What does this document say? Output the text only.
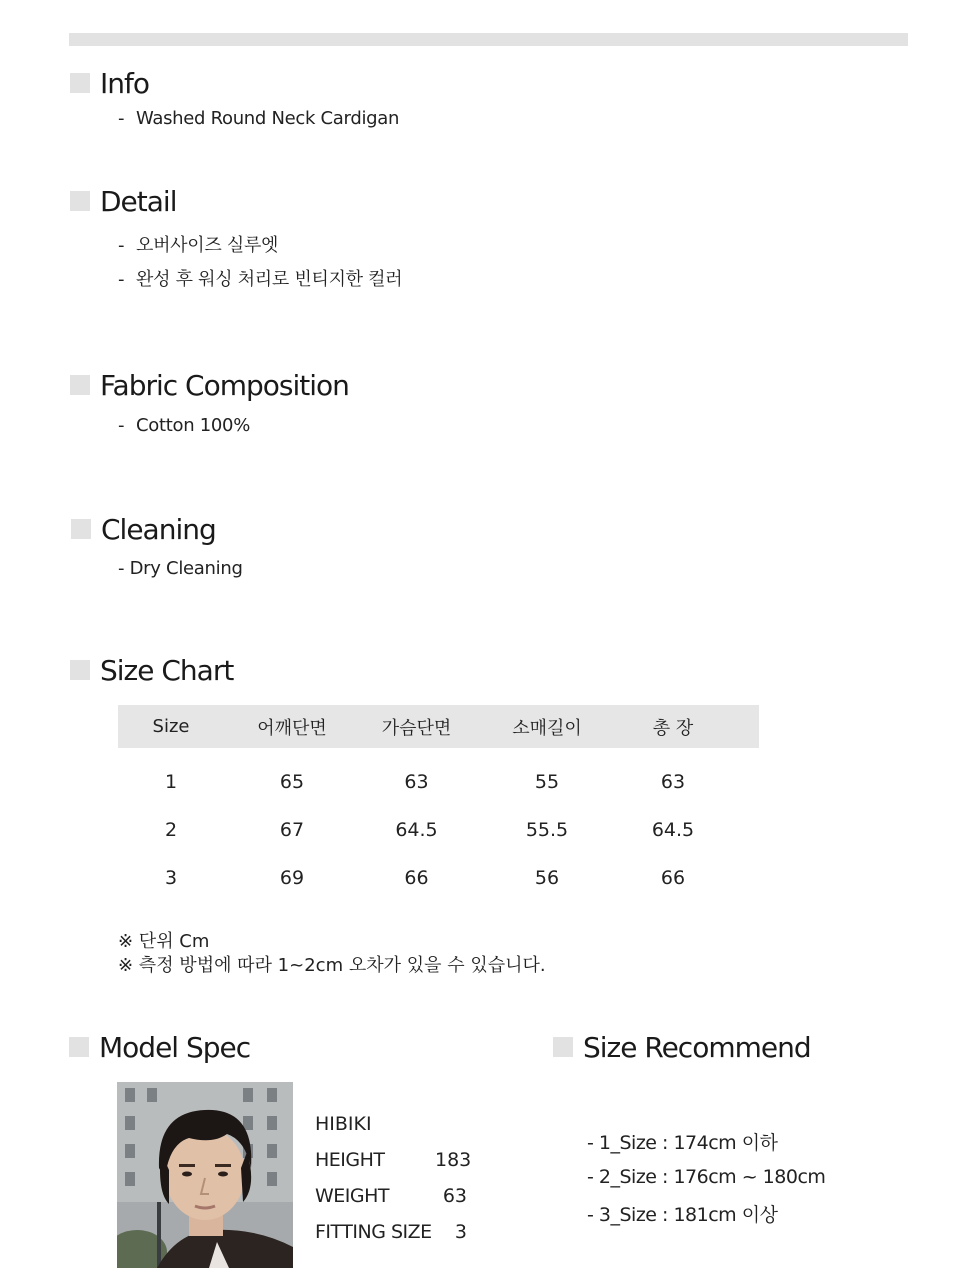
Info
- Washed Round Neck Cardigan
Detail
- 오버사이즈 실루엣
- 완성 후 워싱 처리로 빈티지한 컬러
Fabric Composition
- Cotton 100%
Cleaning
- Dry Cleaning
Size Chart
Size	어깨단면	가슴단면	소매길이	총 장
1	65	63	55	63
2	67	64.5	55.5	64.5
3	69	66	56	66
※ 단위 Cm
※ 측정 방법에 따라 1~2cm 오차가 있을 수 있습니다.
Model Spec
HIBIKI
HEIGHT	183
WEIGHT	63
FITTING SIZE	3
Size Recommend
- 1_Size : 174cm 이하
- 2_Size : 176cm ~ 180cm
- 3_Size : 181cm 이상
